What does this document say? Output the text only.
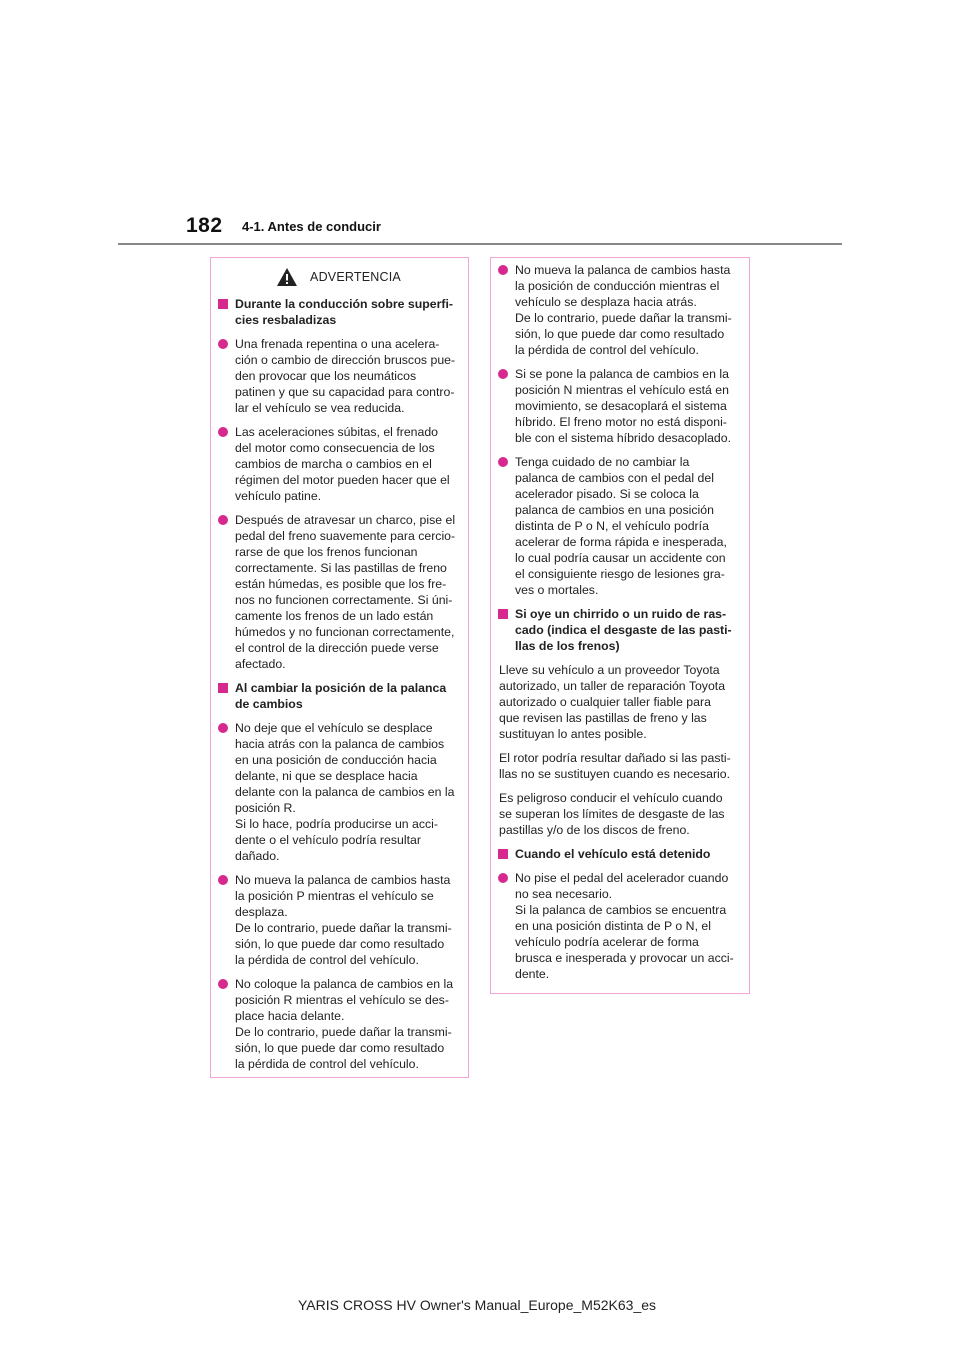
182 4-1. Antes de conducir
ADVERTENCIA
Durante la conducción sobre superfi-
cies resbaladizas
Una frenada repentina o una acelera-
ción o cambio de dirección bruscos pue-
den provocar que los neumáticos
patinen y que su capacidad para contro-
lar el vehículo se vea reducida.
Las aceleraciones súbitas, el frenado
del motor como consecuencia de los
cambios de marcha o cambios en el
régimen del motor pueden hacer que el
vehículo patine.
Después de atravesar un charco, pise el
pedal del freno suavemente para cercio-
rarse de que los frenos funcionan
correctamente. Si las pastillas de freno
están húmedas, es posible que los fre-
nos no funcionen correctamente. Si úni-
camente los frenos de un lado están
húmedos y no funcionan correctamente,
el control de la dirección puede verse
afectado.
Al cambiar la posición de la palanca
de cambios
No deje que el vehículo se desplace
hacia atrás con la palanca de cambios
en una posición de conducción hacia
delante, ni que se desplace hacia
delante con la palanca de cambios en la
posición R.
Si lo hace, podría producirse un acci-
dente o el vehículo podría resultar
dañado.
No mueva la palanca de cambios hasta
la posición P mientras el vehículo se
desplaza.
De lo contrario, puede dañar la transmi-
sión, lo que puede dar como resultado
la pérdida de control del vehículo.
No coloque la palanca de cambios en la
posición R mientras el vehículo se des-
place hacia delante.
De lo contrario, puede dañar la transmi-
sión, lo que puede dar como resultado
la pérdida de control del vehículo.
No mueva la palanca de cambios hasta
la posición de conducción mientras el
vehículo se desplaza hacia atrás.
De lo contrario, puede dañar la transmi-
sión, lo que puede dar como resultado
la pérdida de control del vehículo.
Si se pone la palanca de cambios en la
posición N mientras el vehículo está en
movimiento, se desacoplará el sistema
híbrido. El freno motor no está disponi-
ble con el sistema híbrido desacoplado.
Tenga cuidado de no cambiar la
palanca de cambios con el pedal del
acelerador pisado. Si se coloca la
palanca de cambios en una posición
distinta de P o N, el vehículo podría
acelerar de forma rápida e inesperada,
lo cual podría causar un accidente con
el consiguiente riesgo de lesiones gra-
ves o mortales.
Si oye un chirrido o un ruido de ras-
cado (indica el desgaste de las pasti-
llas de los frenos)
Lleve su vehículo a un proveedor Toyota
autorizado, un taller de reparación Toyota
autorizado o cualquier taller fiable para
que revisen las pastillas de freno y las
sustituyan lo antes posible.
El rotor podría resultar dañado si las pasti-
llas no se sustituyen cuando es necesario.
Es peligroso conducir el vehículo cuando
se superan los límites de desgaste de las
pastillas y/o de los discos de freno.
Cuando el vehículo está detenido
No pise el pedal del acelerador cuando
no sea necesario.
Si la palanca de cambios se encuentra
en una posición distinta de P o N, el
vehículo podría acelerar de forma
brusca e inesperada y provocar un acci-
dente.
YARIS CROSS HV Owner's Manual_Europe_M52K63_es
